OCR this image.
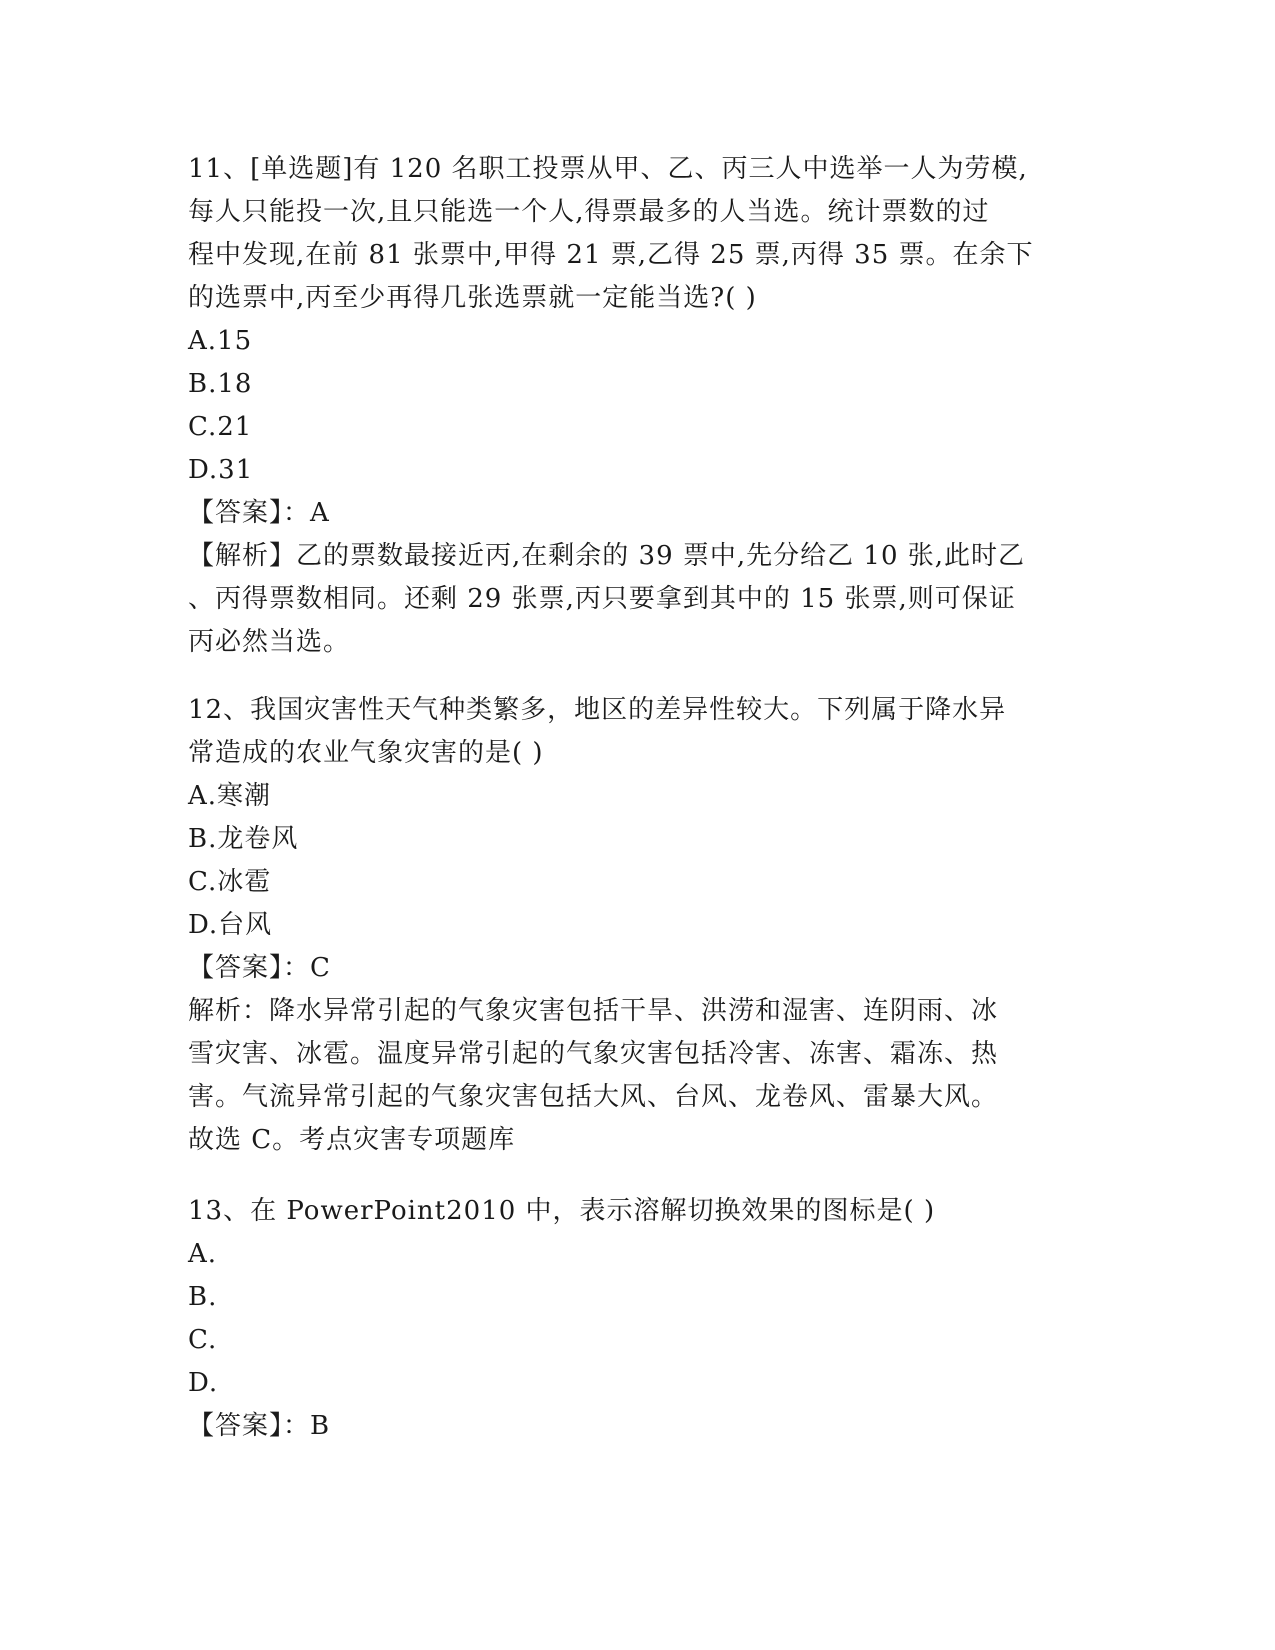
11、[单选题]有 120 名职工投票从甲、乙、丙三人中选举一人为劳模,
每人只能投一次,且只能选一个人,得票最多的人当选。统计票数的过
程中发现,在前 81 张票中,甲得 21 票,乙得 25 票,丙得 35 票。在余下
的选票中,丙至少再得几张选票就一定能当选?( )
A.15
B.18
C.21
D.31
【答案】：A
【解析】乙的票数最接近丙,在剩余的 39 票中,先分给乙 10 张,此时乙
、丙得票数相同。还剩 29 张票,丙只要拿到其中的 15 张票,则可保证
丙必然当选。
12、我国灾害性天气种类繁多，地区的差异性较大。下列属于降水异
常造成的农业气象灾害的是( )
A.寒潮
B.龙卷风
C.冰雹
D.台风
【答案】：C
解析：降水异常引起的气象灾害包括干旱、洪涝和湿害、连阴雨、冰
雪灾害、冰雹。温度异常引起的气象灾害包括冷害、冻害、霜冻、热
害。气流异常引起的气象灾害包括大风、台风、龙卷风、雷暴大风。
故选 C。考点灾害专项题库
13、在 PowerPoint2010 中，表示溶解切换效果的图标是( )
A.
B.
C.
D.
【答案】：B
